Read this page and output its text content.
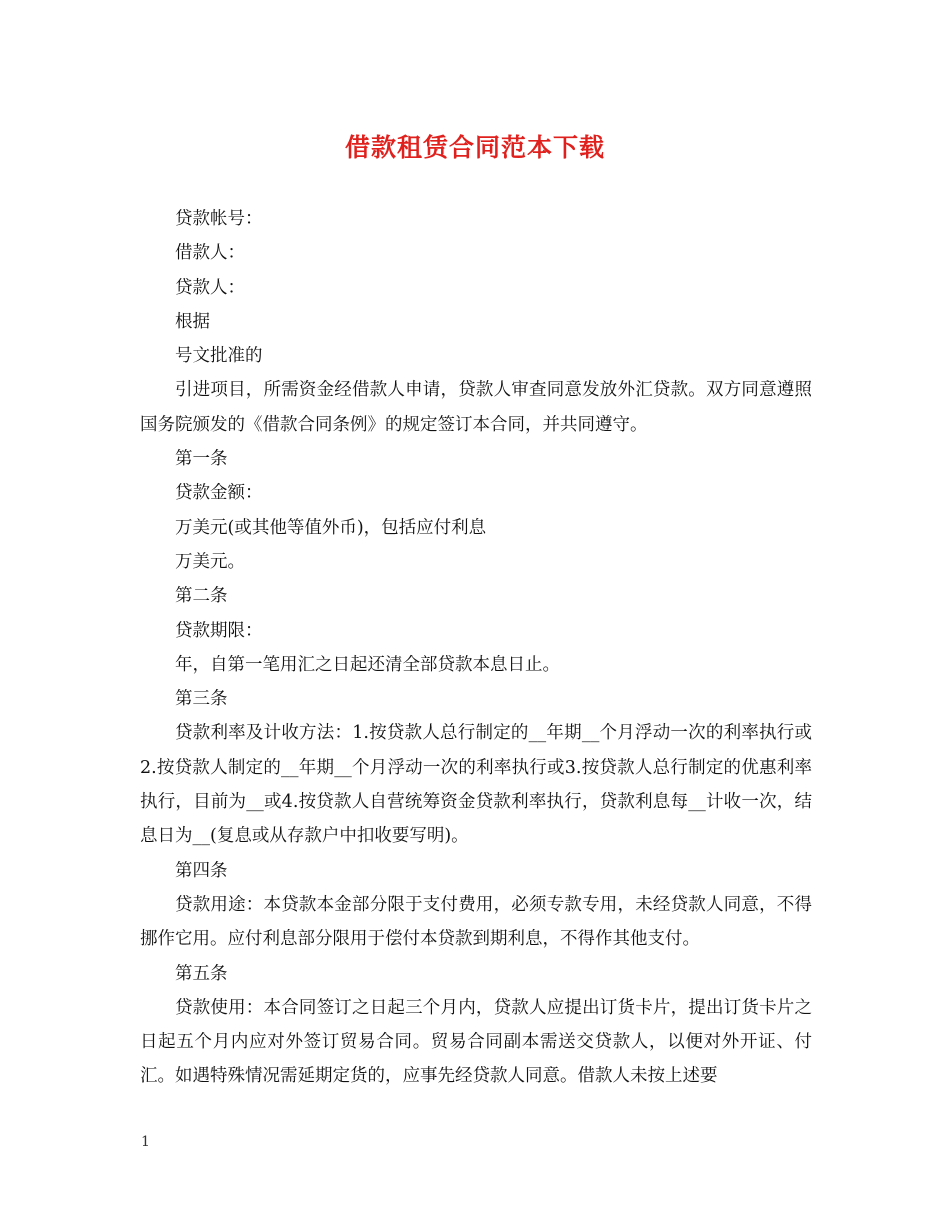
借款租赁合同范本下载

贷款帐号：

借款人：

贷款人：

根据

号文批准的

引进项目，所需资金经借款人申请，贷款人审查同意发放外汇贷款。双方同意遵照国务院颁发的《借款合同条例》的规定签订本合同，并共同遵守。

第一条

贷款金额：

万美元(或其他等值外币)，包括应付利息

万美元。

第二条

贷款期限：

年，自第一笔用汇之日起还清全部贷款本息日止。

第三条

贷款利率及计收方法：1.按贷款人总行制定的__年期__个月浮动一次的利率执行或2.按贷款人制定的__年期__个月浮动一次的利率执行或3.按贷款人总行制定的优惠利率执行，目前为__或4.按贷款人自营统筹资金贷款利率执行，贷款利息每__计收一次，结息日为__(复息或从存款户中扣收要写明)。

第四条

贷款用途：本贷款本金部分限于支付费用，必须专款专用，未经贷款人同意，不得挪作它用。应付利息部分限用于偿付本贷款到期利息，不得作其他支付。

第五条

贷款使用：本合同签订之日起三个月内，贷款人应提出订货卡片，提出订货卡片之日起五个月内应对外签订贸易合同。贸易合同副本需送交贷款人，以便对外开证、付汇。如遇特殊情况需延期定货的，应事先经贷款人同意。借款人未按上述要

1
